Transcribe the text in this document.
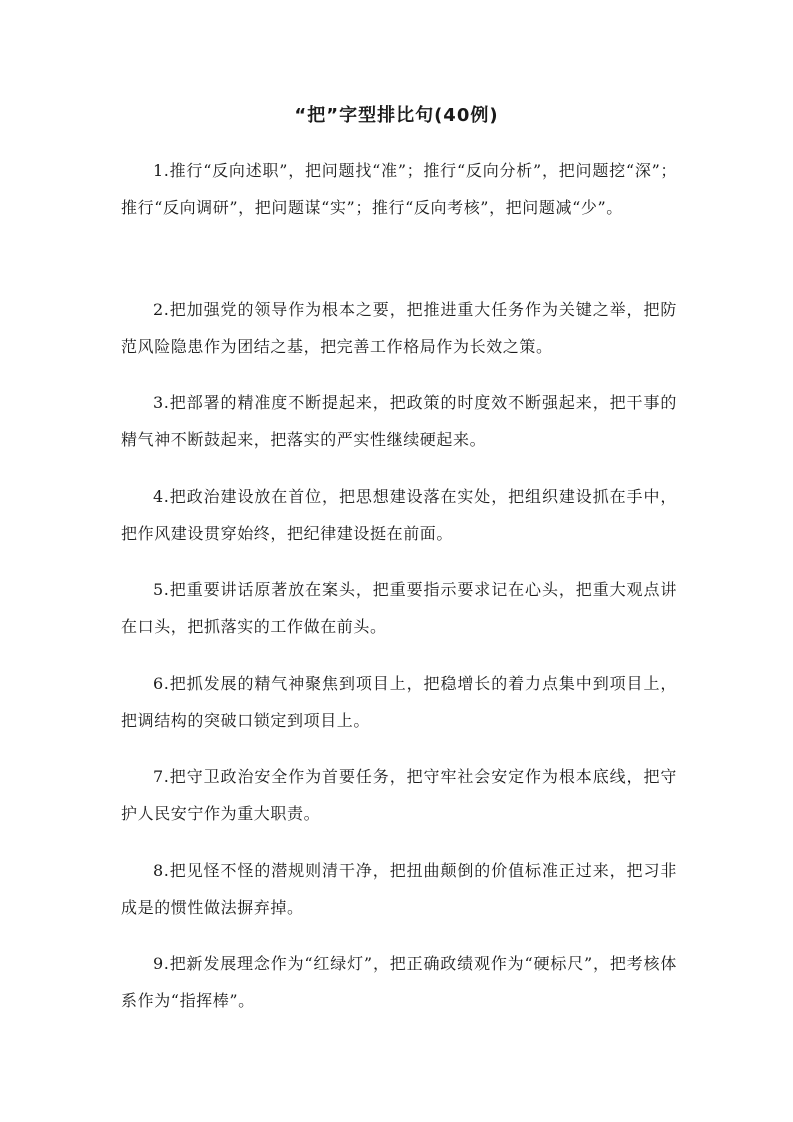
“把”字型排比句(40例)

1.推行“反向述职”，把问题找“准”；推行“反向分析”，把问题挖“深”；推行“反向调研”，把问题谋“实”；推行“反向考核”，把问题减“少”。

2.把加强党的领导作为根本之要，把推进重大任务作为关键之举，把防范风险隐患作为团结之基，把完善工作格局作为长效之策。

3.把部署的精准度不断提起来，把政策的时度效不断强起来，把干事的精气神不断鼓起来，把落实的严实性继续硬起来。

4.把政治建设放在首位，把思想建设落在实处，把组织建设抓在手中，把作风建设贯穿始终，把纪律建设挺在前面。

5.把重要讲话原著放在案头，把重要指示要求记在心头，把重大观点讲在口头，把抓落实的工作做在前头。

6.把抓发展的精气神聚焦到项目上，把稳增长的着力点集中到项目上，把调结构的突破口锁定到项目上。

7.把守卫政治安全作为首要任务，把守牢社会安定作为根本底线，把守护人民安宁作为重大职责。

8.把见怪不怪的潜规则清干净，把扭曲颠倒的价值标准正过来，把习非成是的惯性做法摒弃掉。

9.把新发展理念作为“红绿灯”，把正确政绩观作为“硬标尺”，把考核体系作为“指挥棒”。
